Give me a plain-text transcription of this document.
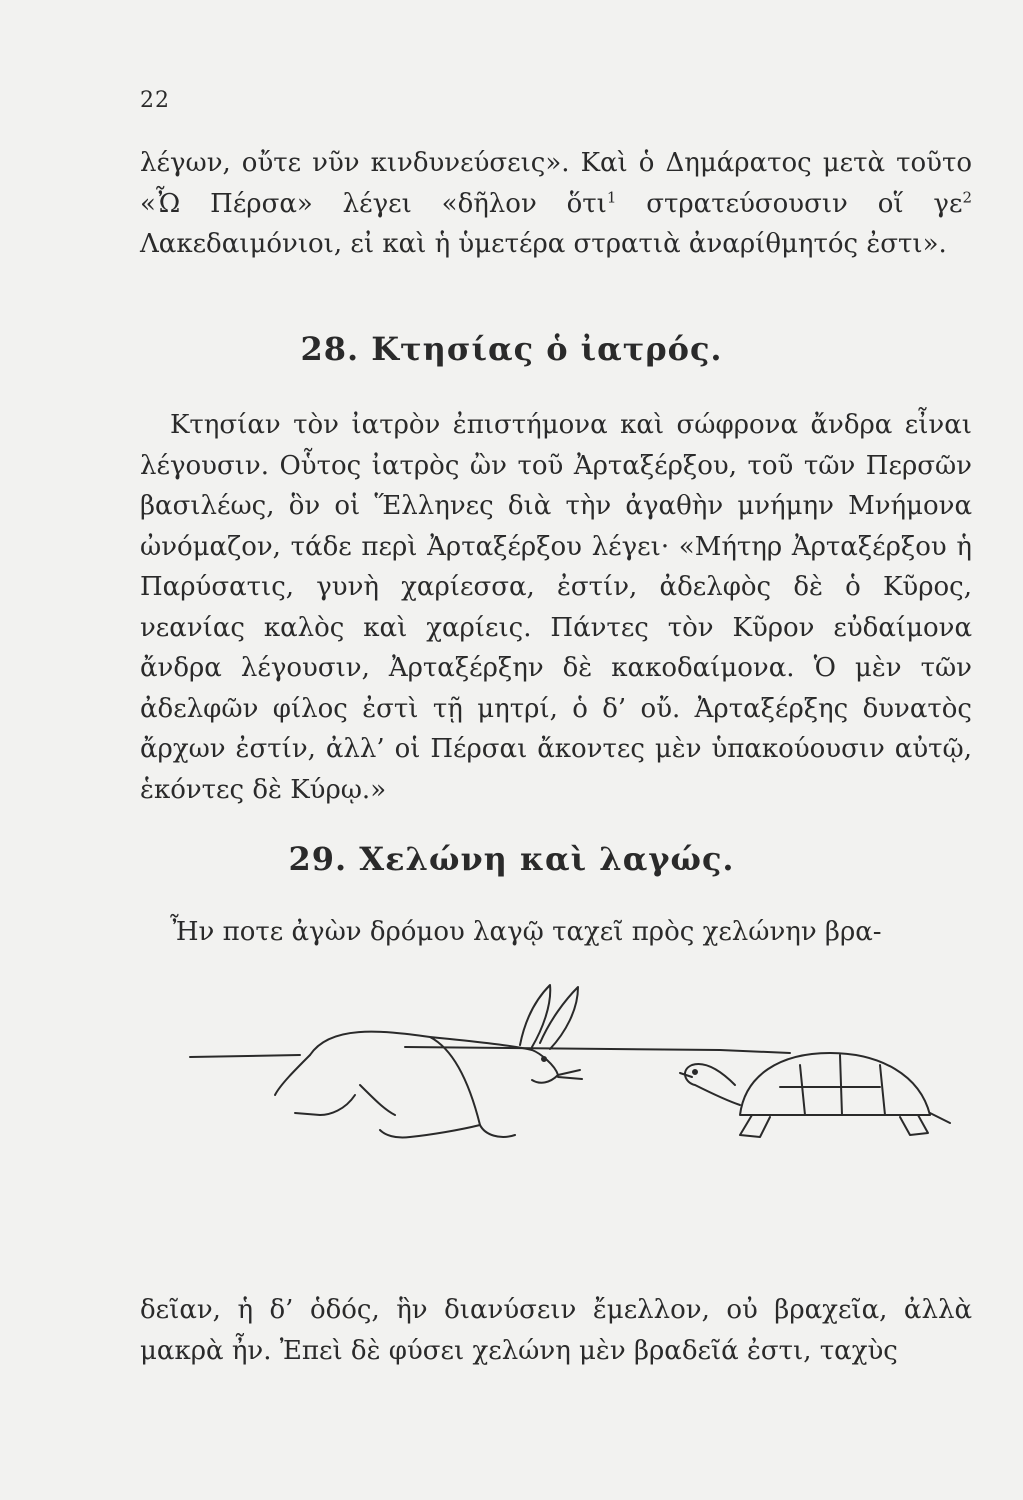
22

λέγων, οὔτε νῦν κινδυνεύσεις». Καὶ ὁ Δημάρατος μετὰ τοῦτο «Ὦ Πέρσα» λέγει «δῆλον ὅτι$^1$ στρατεύσουσιν οἵ γε$^2$ Λακεδαιμόνιοι, εἰ καὶ ἡ ὑμετέρα στρατιὰ ἀναρίθμητός ἐστι».

28. Κτησίας ὁ ἰατρός.

Κτησίαν τὸν ἰατρὸν ἐπιστήμονα καὶ σώφρονα ἄνδρα εἶναι λέγουσιν. Οὗτος ἰατρὸς ὢν τοῦ Ἀρταξέρξου, τοῦ τῶν Περσῶν βασιλέως, ὃν οἱ Ἕλληνες διὰ τὴν ἀγαθὴν μνήμην Μνήμονα ὠνόμαζον, τάδε περὶ Ἀρταξέρξου λέγει· «Μήτηρ Ἀρταξέρξου ἡ Παρύσατις, γυνὴ χαρίεσσα, ἐστίν, ἀδελφὸς δὲ ὁ Κῦρος, νεανίας καλὸς καὶ χαρίεις. Πάντες τὸν Κῦρον εὐδαίμονα ἄνδρα λέγουσιν, Ἀρταξέρξην δὲ κακοδαίμονα. Ὁ μὲν τῶν ἀδελφῶν φίλος ἐστὶ τῇ μητρί, ὁ δ’ οὔ. Ἀρταξέρξης δυνατὸς ἄρχων ἐστίν, ἀλλ’ οἱ Πέρσαι ἄκοντες μὲν ὑπακούουσιν αὐτῷ, ἑκόντες δὲ Κύρῳ.»

29. Χελώνη καὶ λαγώς.

Ἦν ποτε ἀγὼν δρόμου λαγῷ ταχεῖ πρὸς χελώνην βρα-

δεῖαν, ἡ δ’ ὁδός, ἣν διανύσειν ἔμελλον, οὐ βραχεῖα, ἀλλὰ μακρὰ ἦν. Ἐπεὶ δὲ φύσει χελώνη μὲν βραδεῖά ἐστι, ταχὺς
